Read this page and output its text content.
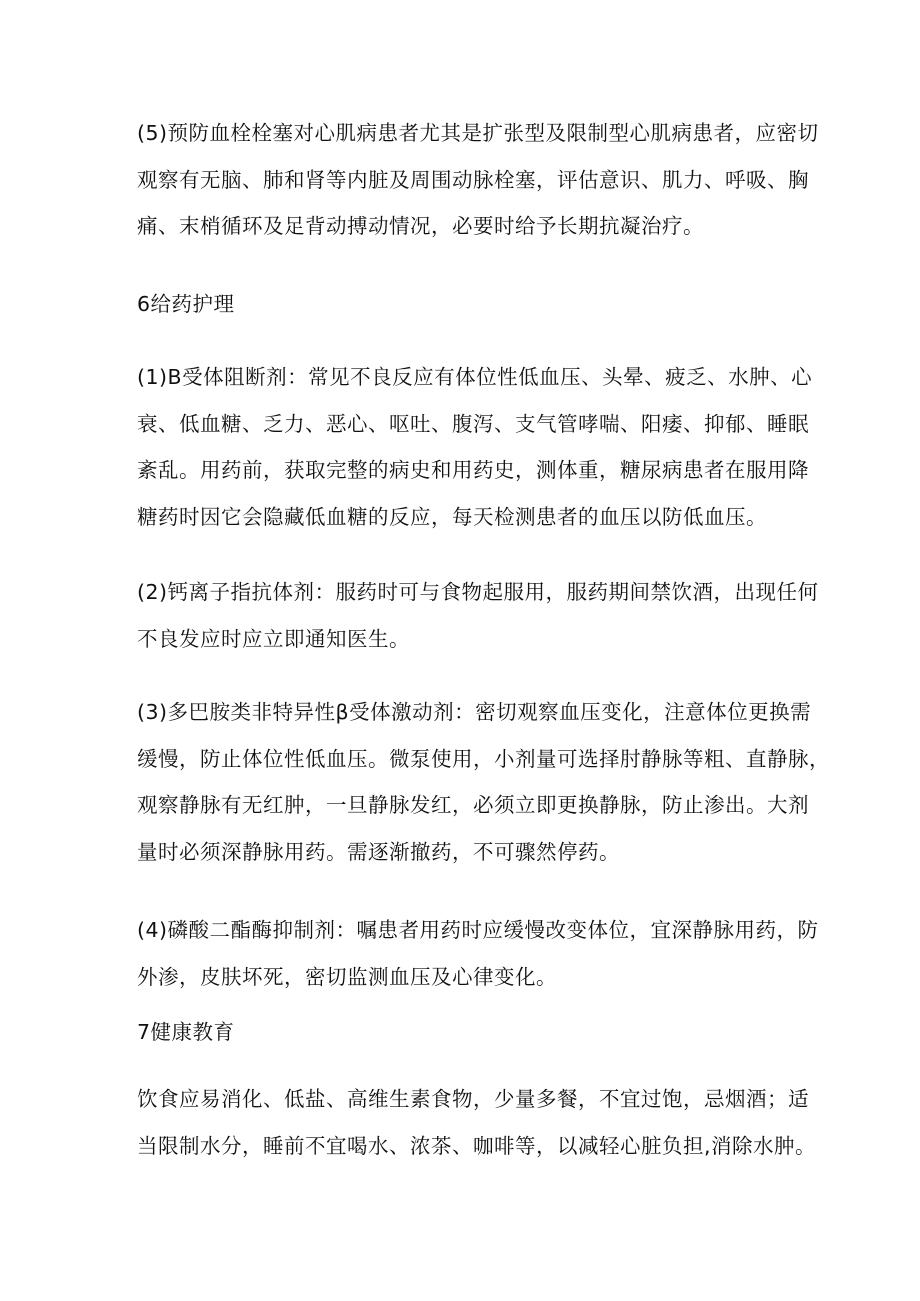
(5)预防血栓栓塞对心肌病患者尤其是扩张型及限制型心肌病患者，应密切
观察有无脑、肺和肾等内脏及周围动脉栓塞，评估意识、肌力、呼吸、胸
痛、末梢循环及足背动搏动情况，必要时给予长期抗凝治疗。
6给药护理
(1)B受体阻断剂：常见不良反应有体位性低血压、头晕、疲乏、水肿、心
衰、低血糖、乏力、恶心、呕吐、腹泻、支气管哮喘、阳痿、抑郁、睡眠
紊乱。用药前，获取完整的病史和用药史，测体重，糖尿病患者在服用降
糖药时因它会隐藏低血糖的反应，每天检测患者的血压以防低血压。
(2)钙离子指抗体剂：服药时可与食物起服用，服药期间禁饮酒，出现任何
不良发应时应立即通知医生。
(3)多巴胺类非特异性β受体激动剂：密切观察血压变化，注意体位更换需
缓慢，防止体位性低血压。微泵使用，小剂量可选择肘静脉等粗、直静脉，
观察静脉有无红肿，一旦静脉发红，必须立即更换静脉，防止渗出。大剂
量时必须深静脉用药。需逐渐撤药，不可骤然停药。
(4)磷酸二酯酶抑制剂：嘱患者用药时应缓慢改变体位，宜深静脉用药，防
外渗，皮肤坏死，密切监测血压及心律变化。
7健康教育
饮食应易消化、低盐、高维生素食物，少量多餐，不宜过饱，忌烟酒；适
当限制水分，睡前不宜喝水、浓茶、咖啡等，以减轻心脏负担,消除水肿。
